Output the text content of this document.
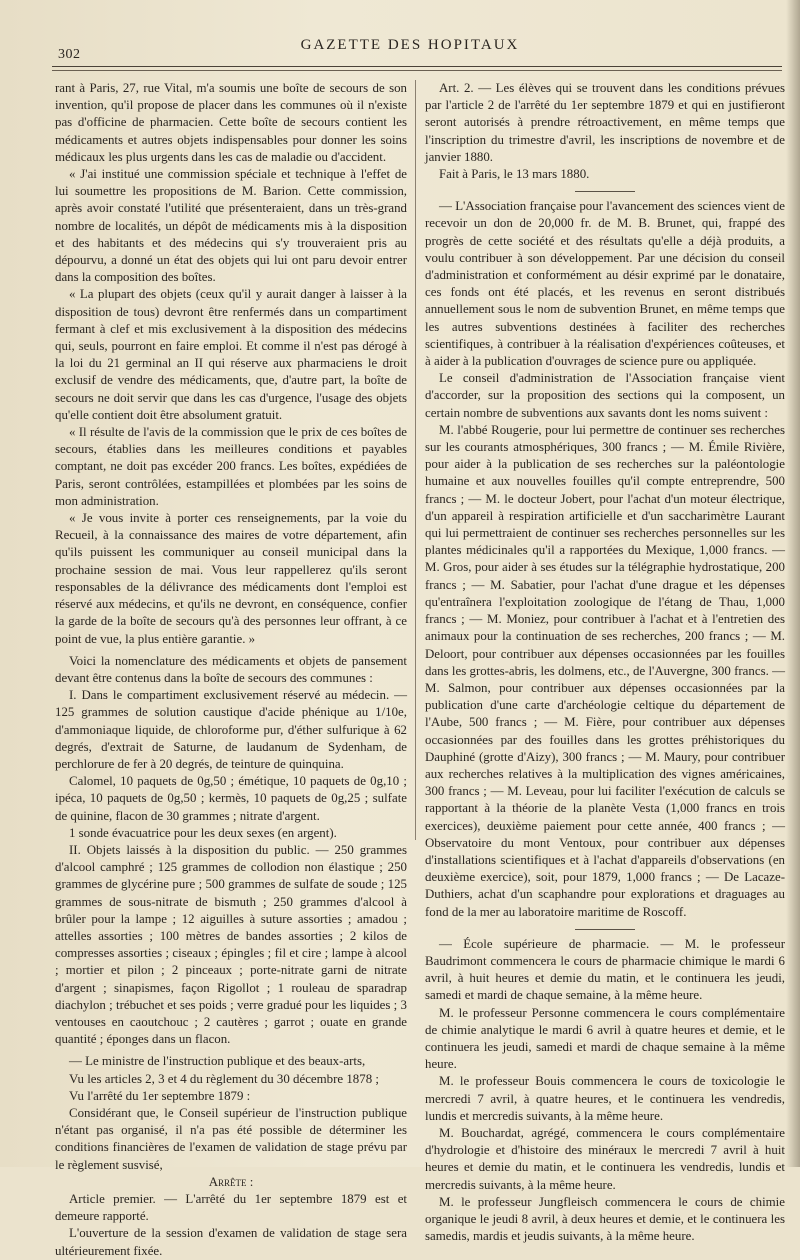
302
GAZETTE DES HOPITAUX

rant à Paris, 27, rue Vital, m'a soumis une boîte de secours de son invention, qu'il propose de placer dans les communes où il n'existe pas d'officine de pharmacien. Cette boîte de secours contient les médicaments et autres objets indispensables pour donner les soins médicaux les plus urgents dans les cas de maladie ou d'accident.

« J'ai institué une commission spéciale et technique à l'effet de lui soumettre les propositions de M. Barion. Cette commission, après avoir constaté l'utilité que présenteraient, dans un très-grand nombre de localités, un dépôt de médicaments mis à la disposition et des habitants et des médecins qui s'y trouveraient pris au dépourvu, a donné un état des objets qui lui ont paru devoir entrer dans la composition des boîtes.

« La plupart des objets (ceux qu'il y aurait danger à laisser à la disposition de tous) devront être renfermés dans un compartiment fermant à clef et mis exclusivement à la disposition des médecins qui, seuls, pourront en faire emploi. Et comme il n'est pas dérogé à la loi du 21 germinal an II qui réserve aux pharmaciens le droit exclusif de vendre des médicaments, que, d'autre part, la boîte de secours ne doit servir que dans les cas d'urgence, l'usage des objets qu'elle contient doit être absolument gratuit.

« Il résulte de l'avis de la commission que le prix de ces boîtes de secours, établies dans les meilleures conditions et payables comptant, ne doit pas excéder 200 francs. Les boîtes, expédiées de Paris, seront contrôlées, estampillées et plombées par les soins de mon administration.

« Je vous invite à porter ces renseignements, par la voie du Recueil, à la connaissance des maires de votre département, afin qu'ils puissent les communiquer au conseil municipal dans la prochaine session de mai. Vous leur rappellerez qu'ils seront responsables de la délivrance des médicaments dont l'emploi est réservé aux médecins, et qu'ils ne devront, en conséquence, confier la garde de la boîte de secours qu'à des personnes leur offrant, à ce point de vue, la plus entière garantie. »

Voici la nomenclature des médicaments et objets de pansement devant être contenus dans la boîte de secours des communes :

I. Dans le compartiment exclusivement réservé au médecin. — 125 grammes de solution caustique d'acide phénique au 1/10e, d'ammoniaque liquide, de chloroforme pur, d'éther sulfurique à 62 degrés, d'extrait de Saturne, de laudanum de Sydenham, de perchlorure de fer à 20 degrés, de teinture de quinquina.

Calomel, 10 paquets de 0g,50 ; émétique, 10 paquets de 0g,10 ; ipéca, 10 paquets de 0g,50 ; kermès, 10 paquets de 0g,25 ; sulfate de quinine, flacon de 30 grammes ; nitrate d'argent.

1 sonde évacuatrice pour les deux sexes (en argent).

II. Objets laissés à la disposition du public. — 250 grammes d'alcool camphré ; 125 grammes de collodion non élastique ; 250 grammes de glycérine pure ; 500 grammes de sulfate de soude ; 125 grammes de sous-nitrate de bismuth ; 250 grammes d'alcool à brûler pour la lampe ; 12 aiguilles à suture assorties ; amadou ; attelles assorties ; 100 mètres de bandes assorties ; 2 kilos de compresses assorties ; ciseaux ; épingles ; fil et cire ; lampe à alcool ; mortier et pilon ; 2 pinceaux ; porte-nitrate garni de nitrate d'argent ; sinapismes, façon Rigollot ; 1 rouleau de sparadrap diachylon ; trébuchet et ses poids ; verre gradué pour les liquides ; 3 ventouses en caoutchouc ; 2 cautères ; garrot ; ouate en grande quantité ; éponges dans un flacon.

— Le ministre de l'instruction publique et des beaux-arts,

Vu les articles 2, 3 et 4 du règlement du 30 décembre 1878 ;

Vu l'arrêté du 1er septembre 1879 :

Considérant que, le Conseil supérieur de l'instruction publique n'étant pas organisé, il n'a pas été possible de déterminer les conditions financières de l'examen de validation de stage prévu par le règlement susvisé,

Arrête :

Article premier. — L'arrêté du 1er septembre 1879 est et demeure rapporté.

L'ouverture de la session d'examen de validation de stage sera ultérieurement fixée.

Art. 2. — Les élèves qui se trouvent dans les conditions prévues par l'article 2 de l'arrêté du 1er septembre 1879 et qui en justifieront seront autorisés à prendre rétroactivement, en même temps que l'inscription du trimestre d'avril, les inscriptions de novembre et de janvier 1880.

Fait à Paris, le 13 mars 1880.

— L'Association française pour l'avancement des sciences vient de recevoir un don de 20,000 fr. de M. B. Brunet, qui, frappé des progrès de cette société et des résultats qu'elle a déjà produits, a voulu contribuer à son développement. Par une décision du conseil d'administration et conformément au désir exprimé par le donataire, ces fonds ont été placés, et les revenus en seront distribués annuellement sous le nom de subvention Brunet, en même temps que les autres subventions destinées à faciliter des recherches scientifiques, à contribuer à la réalisation d'expériences coûteuses, et à aider à la publication d'ouvrages de science pure ou appliquée.

Le conseil d'administration de l'Association française vient d'accorder, sur la proposition des sections qui la composent, un certain nombre de subventions aux savants dont les noms suivent :

M. l'abbé Rougerie, pour lui permettre de continuer ses recherches sur les courants atmosphériques, 300 francs ; — M. Émile Rivière, pour aider à la publication de ses recherches sur la paléontologie humaine et aux nouvelles fouilles qu'il compte entreprendre, 500 francs ; — M. le docteur Jobert, pour l'achat d'un moteur électrique, d'un appareil à respiration artificielle et d'un saccharimètre Laurant qui lui permettraient de continuer ses recherches personnelles sur les plantes médicinales qu'il a rapportées du Mexique, 1,000 francs. — M. Gros, pour aider à ses études sur la télégraphie hydrostatique, 200 francs ; — M. Sabatier, pour l'achat d'une drague et les dépenses qu'entraînera l'exploitation zoologique de l'étang de Thau, 1,000 francs ; — M. Moniez, pour contribuer à l'achat et à l'entretien des animaux pour la continuation de ses recherches, 200 francs ; — M. Deloort, pour contribuer aux dépenses occasionnées par les fouilles dans les grottes-abris, les dolmens, etc., de l'Auvergne, 300 francs. — M. Salmon, pour contribuer aux dépenses occasionnées par la publication d'une carte d'archéologie celtique du département de l'Aube, 500 francs ; — M. Fière, pour contribuer aux dépenses occasionnées par des fouilles dans les grottes préhistoriques du Dauphiné (grotte d'Aizy), 300 francs ; — M. Maury, pour contribuer aux recherches relatives à la multiplication des vignes américaines, 300 francs ; — M. Leveau, pour lui faciliter l'exécution de calculs se rapportant à la théorie de la planète Vesta (1,000 francs en trois exercices), deuxième paiement pour cette année, 400 francs ; — Observatoire du mont Ventoux, pour contribuer aux dépenses d'installations scientifiques et à l'achat d'appareils d'observations (en deuxième exercice), soit, pour 1879, 1,000 francs ; — De Lacaze-Duthiers, achat d'un scaphandre pour explorations et draguages au fond de la mer au laboratoire maritime de Roscoff.

— École supérieure de pharmacie. — M. le professeur Baudrimont commencera le cours de pharmacie chimique le mardi 6 avril, à huit heures et demie du matin, et le continuera les jeudi, samedi et mardi de chaque semaine, à la même heure.

M. le professeur Personne commencera le cours complémentaire de chimie analytique le mardi 6 avril à quatre heures et demie, et le continuera les jeudi, samedi et mardi de chaque semaine à la même heure.

M. le professeur Bouis commencera le cours de toxicologie le mercredi 7 avril, à quatre heures, et le continuera les vendredis, lundis et mercredis suivants, à la même heure.

M. Bouchardat, agrégé, commencera le cours complémentaire d'hydrologie et d'histoire des minéraux le mercredi 7 avril à huit heures et demie du matin, et le continuera les vendredis, lundis et mercredis suivants, à la même heure.

M. le professeur Jungfleisch commencera le cours de chimie organique le jeudi 8 avril, à deux heures et demie, et le continuera les samedis, mardis et jeudis suivants, à la même heure.
